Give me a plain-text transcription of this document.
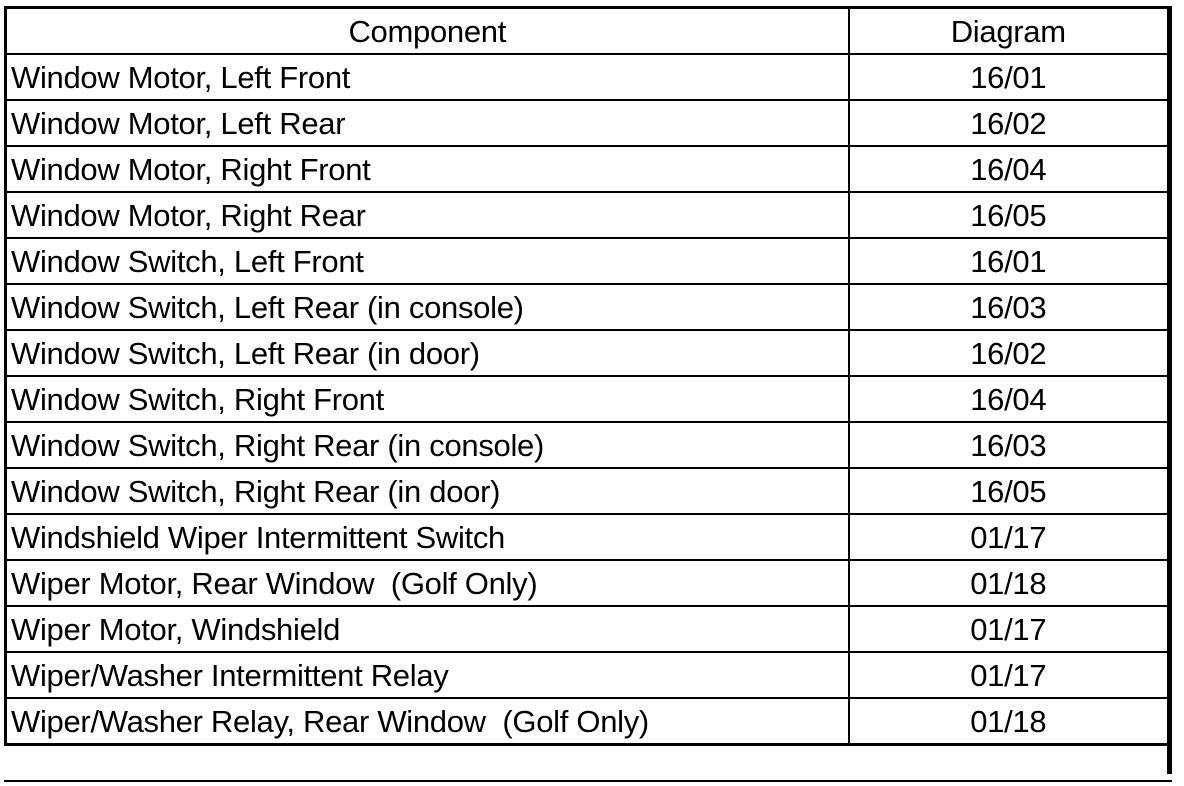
Component	Diagram
Window Motor, Left Front	16/01
Window Motor, Left Rear	16/02
Window Motor, Right Front	16/04
Window Motor, Right Rear	16/05
Window Switch, Left Front	16/01
Window Switch, Left Rear (in console)	16/03
Window Switch, Left Rear (in door)	16/02
Window Switch, Right Front	16/04
Window Switch, Right Rear (in console)	16/03
Window Switch, Right Rear (in door)	16/05
Windshield Wiper Intermittent Switch	01/17
Wiper Motor, Rear Window  (Golf Only)	01/18
Wiper Motor, Windshield	01/17
Wiper/Washer Intermittent Relay	01/17
Wiper/Washer Relay, Rear Window  (Golf Only)	01/18
